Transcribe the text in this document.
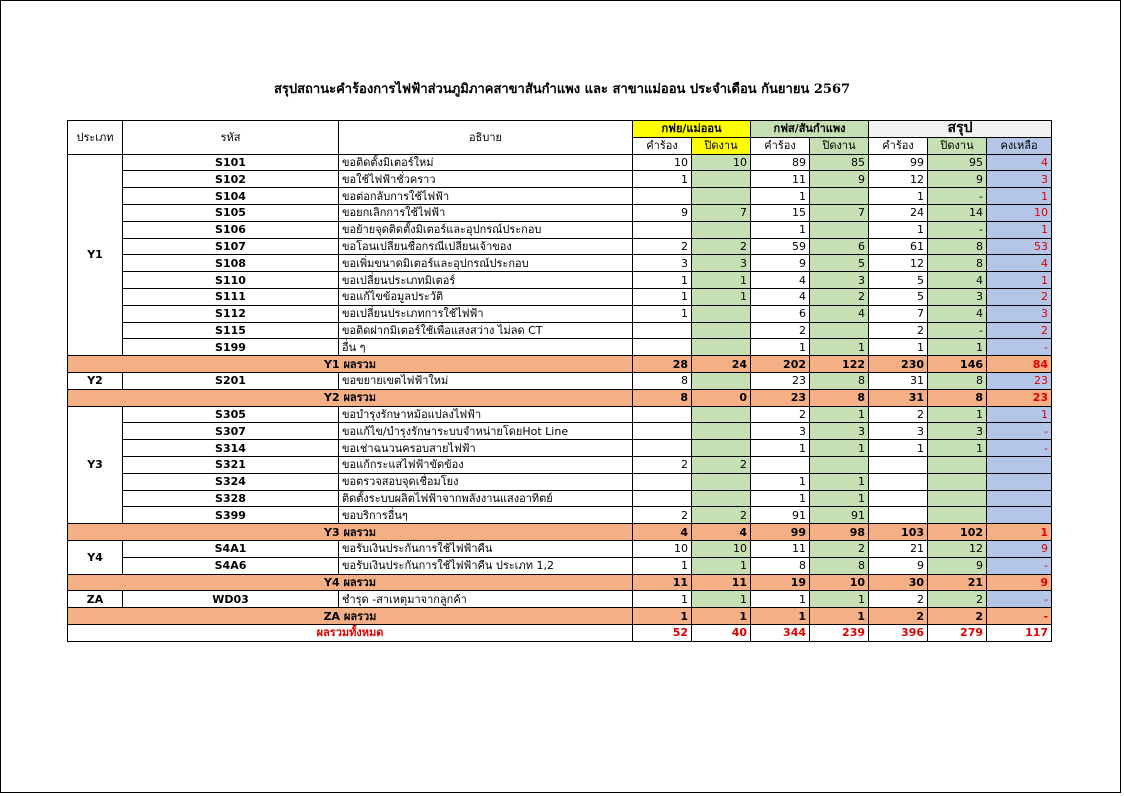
สรุปสถานะคำร้องการไฟฟ้าส่วนภูมิภาคสาขาสันกำแพง และ สาขาแม่ออน ประจำเดือน กันยายน 2567
ประเภท	รหัส	อธิบาย	กฟย/แม่ออน		กฟส/สันกำแพง		สรุป		
			คำร้อง	ปิดงาน	คำร้อง	ปิดงาน	คำร้อง	ปิดงาน	คงเหลือ
Y1	S101	ขอติดตั้งมิเตอร์ใหม่	10	10	89	85	99	95	4
	S102	ขอใช้ไฟฟ้าชั่วคราว	1		11	9	12	9	3
	S104	ขอต่อกลับการใช้ไฟฟ้า			1		1	-	1
	S105	ขอยกเลิกการใช้ไฟฟ้า	9	7	15	7	24	14	10
	S106	ขอย้ายจุดติดตั้งมิเตอร์และอุปกรณ์ประกอบ			1		1	-	1
	S107	ขอโอนเปลี่ยนชื่อกรณีเปลี่ยนเจ้าของ	2	2	59	6	61	8	53
	S108	ขอเพิ่มขนาดมิเตอร์และอุปกรณ์ประกอบ	3	3	9	5	12	8	4
	S110	ขอเปลี่ยนประเภทมิเตอร์	1	1	4	3	5	4	1
	S111	ขอแก้ไขข้อมูลประวัติ	1	1	4	2	5	3	2
	S112	ขอเปลี่ยนประเภทการใช้ไฟฟ้า	1		6	4	7	4	3
	S115	ขอติดฝากมิเตอร์ใช้เพื่อแสงสว่าง ไม่ลด CT			2		2	-	2
	S199	อื่น ๆ			1	1	1	1	-
Y1 ผลรวม			28	24	202	122	230	146	84
Y2	S201	ขอขยายเขตไฟฟ้าใหม่	8		23	8	31	8	23
Y2 ผลรวม			8	0	23	8	31	8	23
Y3	S305	ขอบำรุงรักษาหม้อแปลงไฟฟ้า			2	1	2	1	1
	S307	ขอแก้ไข/บำรุงรักษาระบบจำหน่ายโดยHot Line			3	3	3	3	-
	S314	ขอเช่าฉนวนครอบสายไฟฟ้า			1	1	1	1	-
	S321	ขอแก้กระแสไฟฟ้าขัดข้อง	2	2					
	S324	ขอตรวจสอบจุดเชื่อมโยง			1	1			
	S328	ติดตั้งระบบผลิตไฟฟ้าจากพลังงานแสงอาทิตย์			1	1			
	S399	ขอบริการอื่นๆ	2	2	91	91			
Y3 ผลรวม			4	4	99	98	103	102	1
Y4	S4A1	ขอรับเงินประกันการใช้ไฟฟ้าคืน	10	10	11	2	21	12	9
	S4A6	ขอรับเงินประกันการใช้ไฟฟ้าคืน ประเภท 1,2	1	1	8	8	9	9	-
Y4 ผลรวม			11	11	19	10	30	21	9
ZA	WD03	ชำรุด -สาเหตุมาจากลูกค้า	1	1	1	1	2	2	-
ZA ผลรวม			1	1	1	1	2	2	-
ผลรวมทั้งหมด			52	40	344	239	396	279	117
